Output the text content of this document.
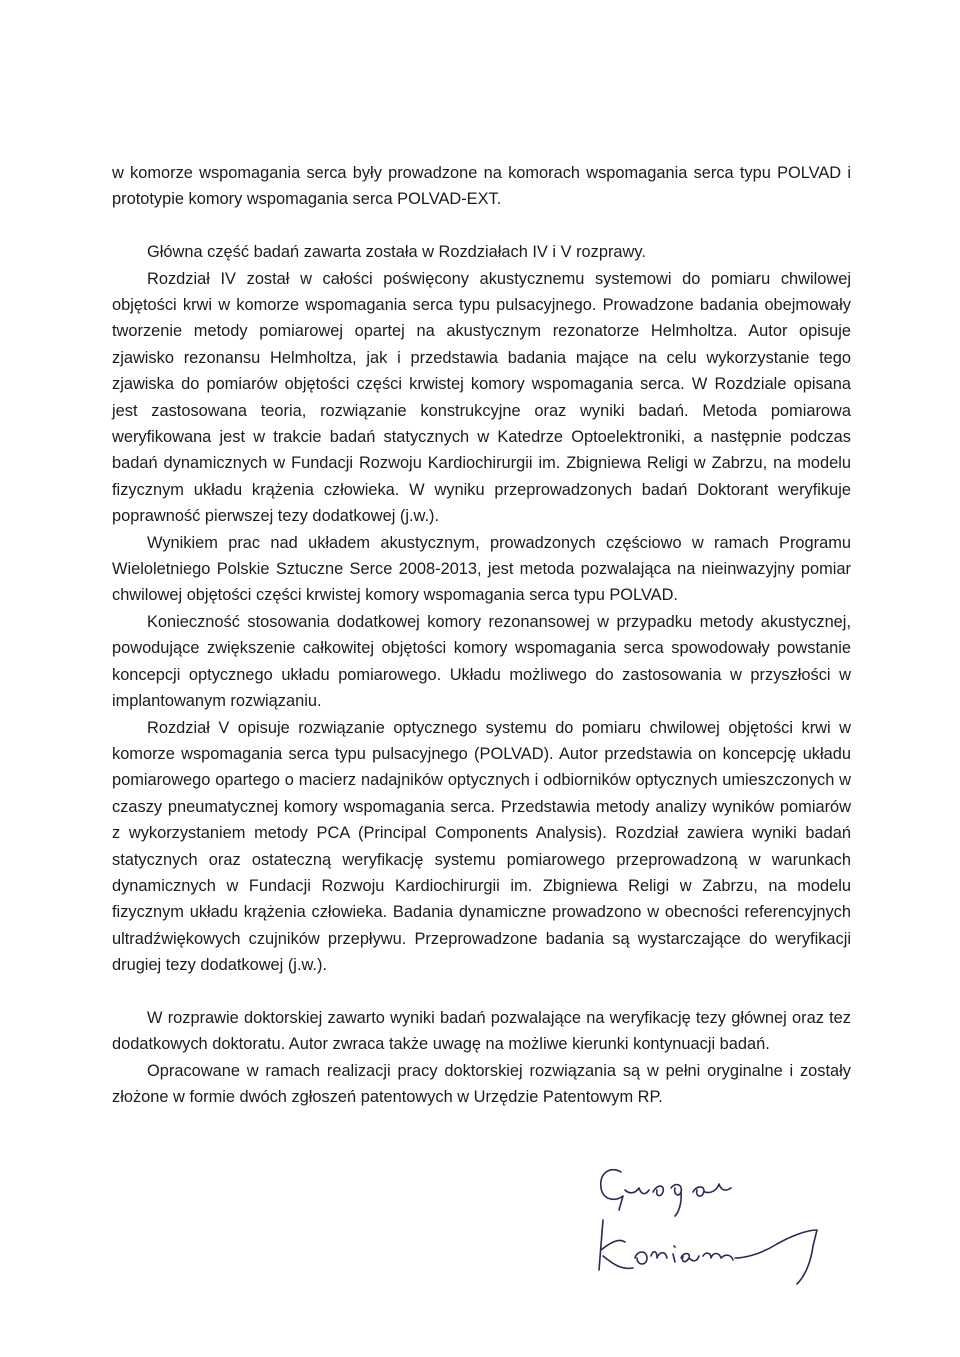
w komorze wspomagania serca były prowadzone na komorach wspomagania serca typu POLVAD i prototypie komory wspomagania serca POLVAD-EXT.

Główna część badań zawarta została w Rozdziałach IV i V rozprawy.

Rozdział IV został w całości poświęcony akustycznemu systemowi do pomiaru chwilowej objętości krwi w komorze wspomagania serca typu pulsacyjnego. Prowadzone badania obejmowały tworzenie metody pomiarowej opartej na akustycznym rezonatorze Helmholtza. Autor opisuje zjawisko rezonansu Helmholtza, jak i przedstawia badania mające na celu wykorzystanie tego zjawiska do pomiarów objętości części krwistej komory wspomagania serca. W Rozdziale opisana jest zastosowana teoria, rozwiązanie konstrukcyjne oraz wyniki badań. Metoda pomiarowa weryfikowana jest w trakcie badań statycznych w Katedrze Optoelektroniki, a następnie podczas badań dynamicznych w Fundacji Rozwoju Kardiochirurgii im. Zbigniewa Religi w Zabrzu, na modelu fizycznym układu krążenia człowieka. W wyniku przeprowadzonych badań Doktorant weryfikuje poprawność pierwszej tezy dodatkowej (j.w.).

Wynikiem prac nad układem akustycznym, prowadzonych częściowo w ramach Programu Wieloletniego Polskie Sztuczne Serce 2008-2013, jest metoda pozwalająca na nieinwazyjny pomiar chwilowej objętości części krwistej komory wspomagania serca typu POLVAD.

Konieczność stosowania dodatkowej komory rezonansowej w przypadku metody akustycznej, powodujące zwiększenie całkowitej objętości komory wspomagania serca spowodowały powstanie koncepcji optycznego układu pomiarowego. Układu możliwego do zastosowania w przyszłości w implantowanym rozwiązaniu.

Rozdział V opisuje rozwiązanie optycznego systemu do pomiaru chwilowej objętości krwi w komorze wspomagania serca typu pulsacyjnego (POLVAD). Autor przedstawia on koncepcję układu pomiarowego opartego o macierz nadajników optycznych i odbiorników optycznych umieszczonych w czaszy pneumatycznej komory wspomagania serca. Przedstawia metody analizy wyników pomiarów z wykorzystaniem metody PCA (Principal Components Analysis). Rozdział zawiera wyniki badań statycznych oraz ostateczną weryfikację systemu pomiarowego przeprowadzoną w warunkach dynamicznych w Fundacji Rozwoju Kardiochirurgii im. Zbigniewa Religi w Zabrzu, na modelu fizycznym układu krążenia człowieka. Badania dynamiczne prowadzono w obecności referencyjnych ultradźwiękowych czujników przepływu. Przeprowadzone badania są wystarczające do weryfikacji drugiej tezy dodatkowej (j.w.).

W rozprawie doktorskiej zawarto wyniki badań pozwalające na weryfikację tezy głównej oraz tez dodatkowych doktoratu. Autor zwraca także uwagę na możliwe kierunki kontynuacji badań.

Opracowane w ramach realizacji pracy doktorskiej rozwiązania są w pełni oryginalne i zostały złożone w formie dwóch zgłoszeń patentowych w Urzędzie Patentowym RP.
